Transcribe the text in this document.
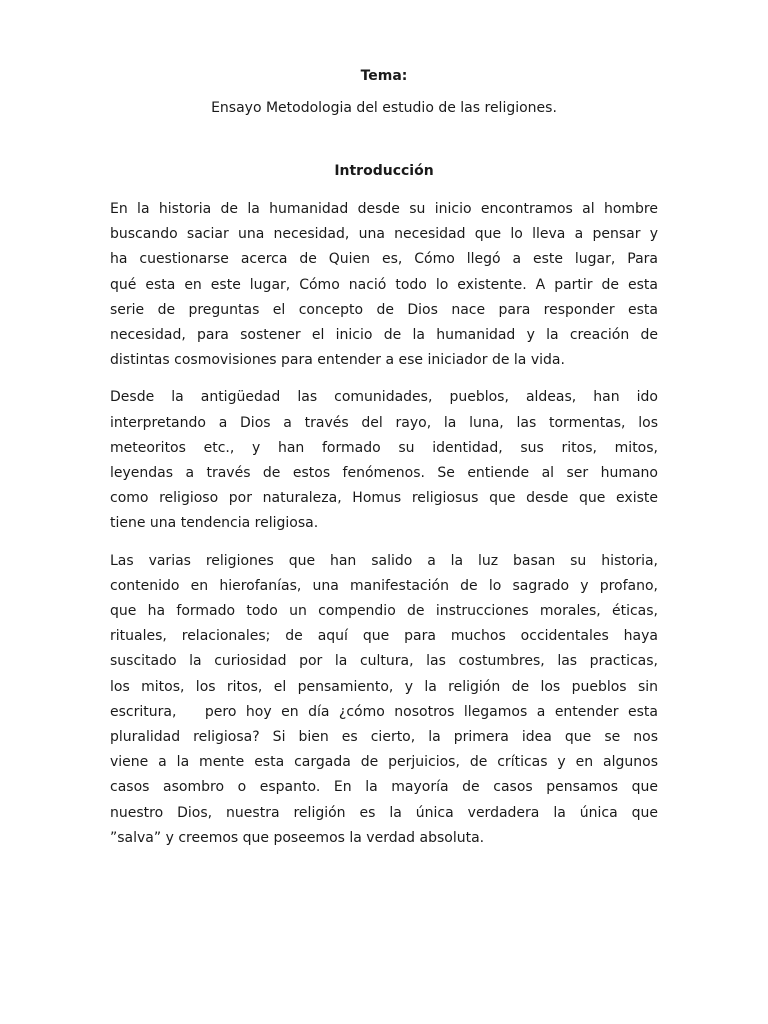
Tema:
Ensayo Metodologia del estudio de las religiones.
Introducción

En la historia de la humanidad desde su inicio encontramos al hombre
buscando saciar una necesidad, una necesidad que lo lleva a pensar y
ha cuestionarse acerca de Quien es, Cómo llegó a este lugar, Para
qué esta en este lugar, Cómo nació todo lo existente. A partir de esta
serie de preguntas el concepto de Dios nace para responder esta
necesidad, para sostener el inicio de la humanidad y la creación de
distintas cosmovisiones para entender a ese iniciador de la vida.

Desde la antigüedad las comunidades, pueblos, aldeas, han ido
interpretando a Dios a través del rayo, la luna, las tormentas, los
meteoritos etc., y han formado su identidad, sus ritos, mitos,
leyendas a través de estos fenómenos. Se entiende al ser humano
como religioso por naturaleza, Homus religiosus que desde que existe
tiene una tendencia religiosa.

Las varias religiones que han salido a la luz basan su historia,
contenido en hierofanías, una manifestación de lo sagrado y profano,
que ha formado todo un compendio de instrucciones morales, éticas,
rituales, relacionales; de aquí que para muchos occidentales haya
suscitado la curiosidad por la cultura, las costumbres, las practicas,
los mitos, los ritos, el pensamiento, y la religión de los pueblos sin
escritura,   pero hoy en día ¿cómo nosotros llegamos a entender esta
pluralidad religiosa? Si bien es cierto, la primera idea que se nos
viene a la mente esta cargada de perjuicios, de críticas y en algunos
casos asombro o espanto. En la mayoría de casos pensamos que
nuestro Dios, nuestra religión es la única verdadera la única que
”salva” y creemos que poseemos la verdad absoluta.
